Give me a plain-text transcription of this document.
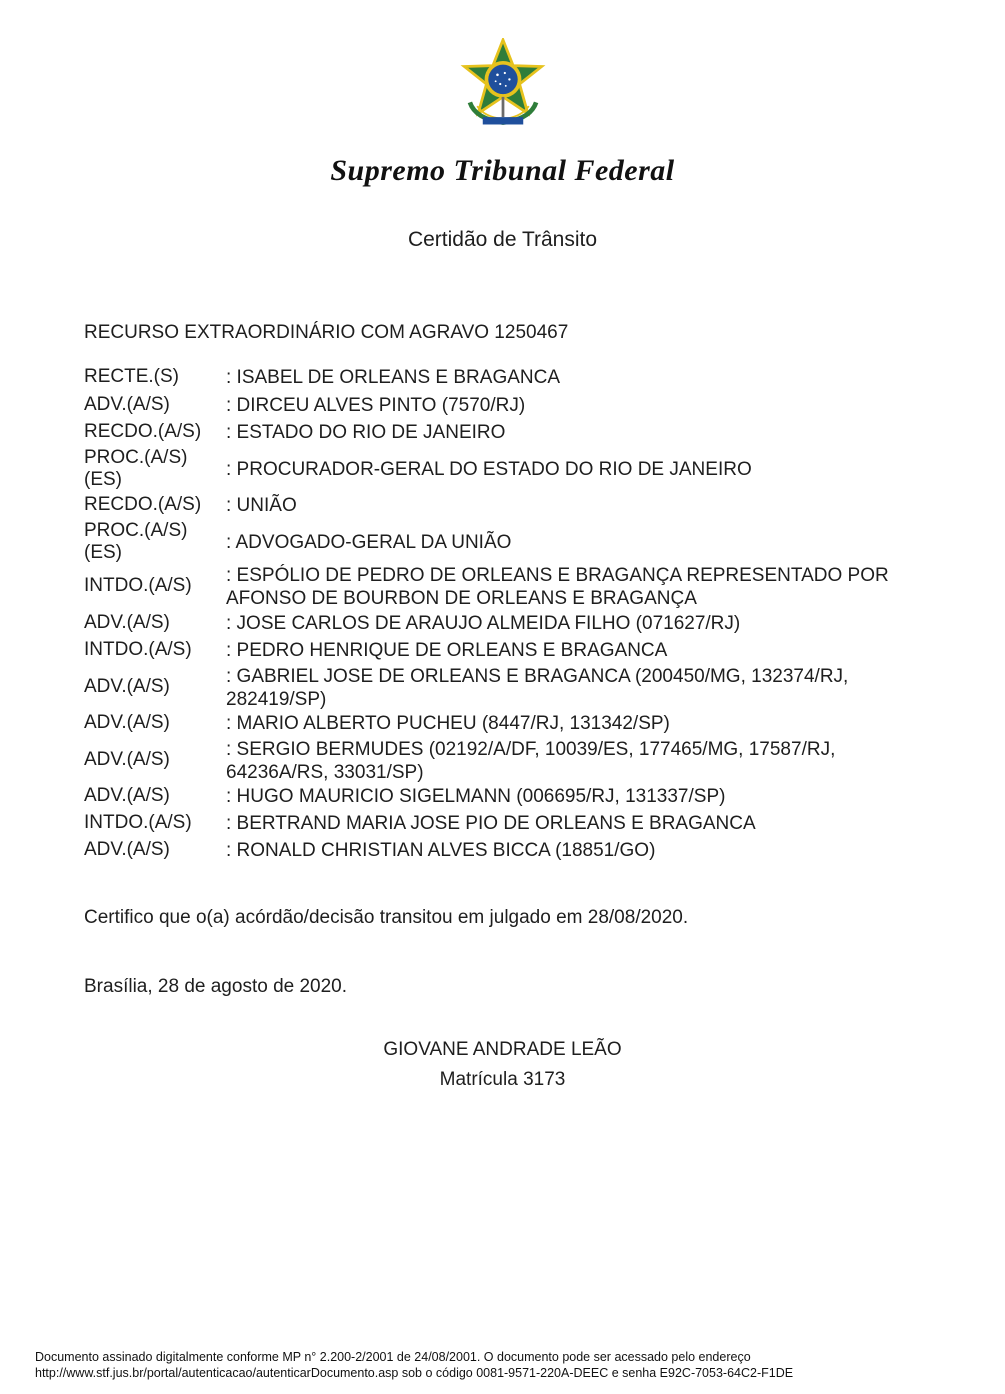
Supremo Tribunal Federal
Certidão de Trânsito
RECURSO EXTRAORDINÁRIO COM AGRAVO 1250467
RECTE.(S)	: ISABEL DE ORLEANS E BRAGANCA
ADV.(A/S)	: DIRCEU ALVES PINTO (7570/RJ)
RECDO.(A/S)	: ESTADO DO RIO DE JANEIRO
PROC.(A/S)
(ES)	: PROCURADOR-GERAL DO ESTADO DO RIO DE JANEIRO
RECDO.(A/S)	: UNIÃO
PROC.(A/S)
(ES)	: ADVOGADO-GERAL DA UNIÃO
INTDO.(A/S)	: ESPÓLIO DE PEDRO DE ORLEANS E BRAGANÇA REPRESENTADO POR AFONSO DE BOURBON DE ORLEANS E BRAGANÇA
ADV.(A/S)	: JOSE CARLOS DE ARAUJO ALMEIDA FILHO (071627/RJ)
INTDO.(A/S)	: PEDRO HENRIQUE DE ORLEANS E BRAGANCA
ADV.(A/S)	: GABRIEL JOSE DE ORLEANS E BRAGANCA (200450/MG, 132374/RJ, 282419/SP)
ADV.(A/S)	: MARIO ALBERTO PUCHEU (8447/RJ, 131342/SP)
ADV.(A/S)	: SERGIO BERMUDES (02192/A/DF, 10039/ES, 177465/MG, 17587/RJ, 64236A/RS, 33031/SP)
ADV.(A/S)	: HUGO MAURICIO SIGELMANN (006695/RJ, 131337/SP)
INTDO.(A/S)	: BERTRAND MARIA JOSE PIO DE ORLEANS E BRAGANCA
ADV.(A/S)	: RONALD CHRISTIAN ALVES BICCA (18851/GO)
Certifico que o(a) acórdão/decisão transitou em julgado em 28/08/2020.
Brasília, 28 de agosto de 2020.
GIOVANE ANDRADE LEÃO
Matrícula 3173
Documento assinado digitalmente conforme MP n° 2.200-2/2001 de 24/08/2001. O documento pode ser acessado pelo endereço
http://www.stf.jus.br/portal/autenticacao/autenticarDocumento.asp sob o código 0081-9571-220A-DEEC e senha E92C-7053-64C2-F1DE
